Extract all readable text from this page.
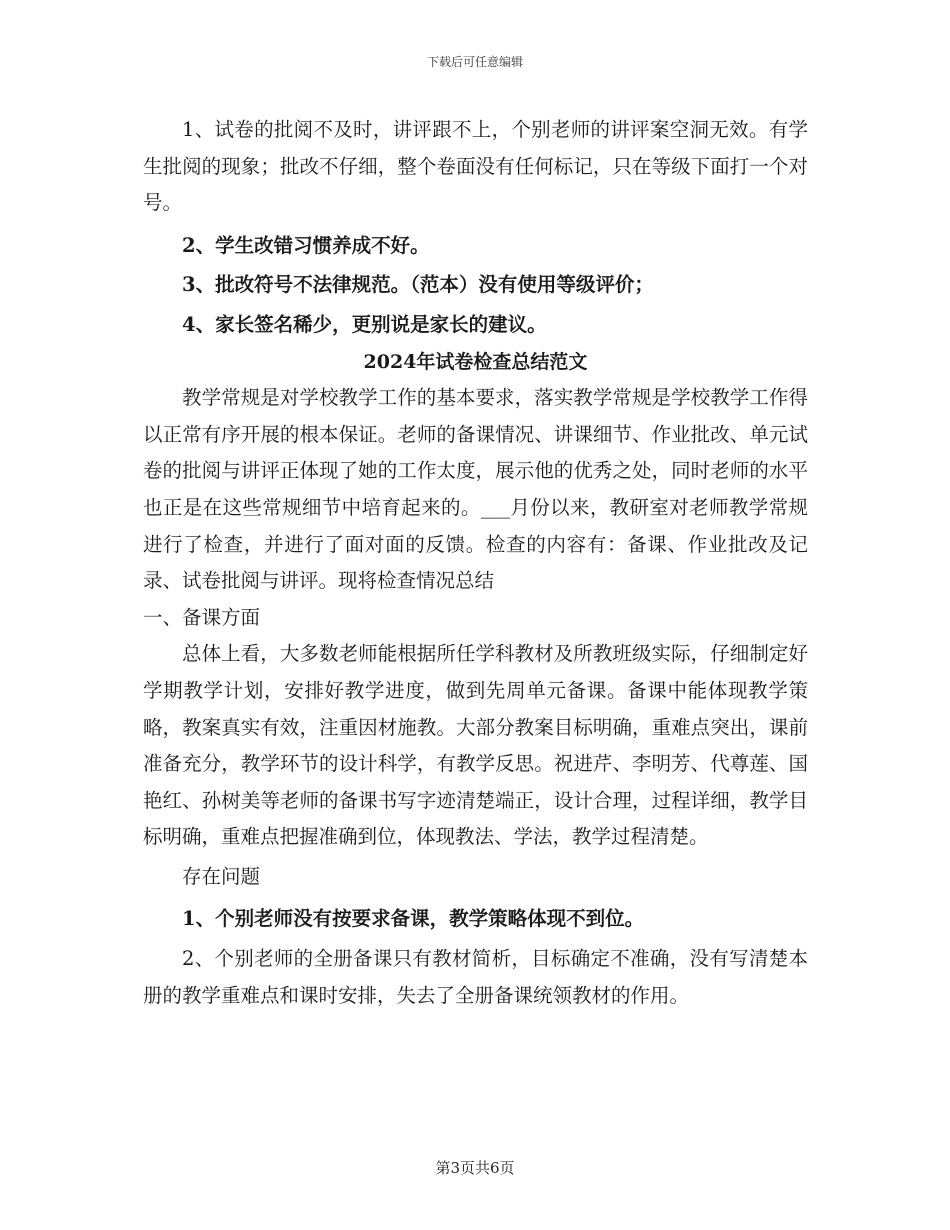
下载后可任意编辑

1、试卷的批阅不及时，讲评跟不上，个别老师的讲评案空洞无效。有学生批阅的现象；批改不仔细，整个卷面没有任何标记，只在等级下面打一个对号。

2、学生改错习惯养成不好。

3、批改符号不法律规范。（范本）没有使用等级评价；

4、家长签名稀少，更别说是家长的建议。

2024年试卷检查总结范文

教学常规是对学校教学工作的基本要求，落实教学常规是学校教学工作得以正常有序开展的根本保证。老师的备课情况、讲课细节、作业批改、单元试卷的批阅与讲评正体现了她的工作太度，展示他的优秀之处，同时老师的水平也正是在这些常规细节中培育起来的。___月份以来，教研室对老师教学常规进行了检查，并进行了面对面的反馈。检查的内容有：备课、作业批改及记录、试卷批阅与讲评。现将检查情况总结

一、备课方面

总体上看，大多数老师能根据所任学科教材及所教班级实际，仔细制定好学期教学计划，安排好教学进度，做到先周单元备课。备课中能体现教学策略，教案真实有效，注重因材施教。大部分教案目标明确，重难点突出，课前准备充分，教学环节的设计科学，有教学反思。祝进芹、李明芳、代尊莲、国艳红、孙树美等老师的备课书写字迹清楚端正，设计合理，过程详细，教学目标明确，重难点把握准确到位，体现教法、学法，教学过程清楚。

存在问题

1、个别老师没有按要求备课，教学策略体现不到位。

2、个别老师的全册备课只有教材简析，目标确定不准确，没有写清楚本册的教学重难点和课时安排，失去了全册备课统领教材的作用。

第3页共6页
